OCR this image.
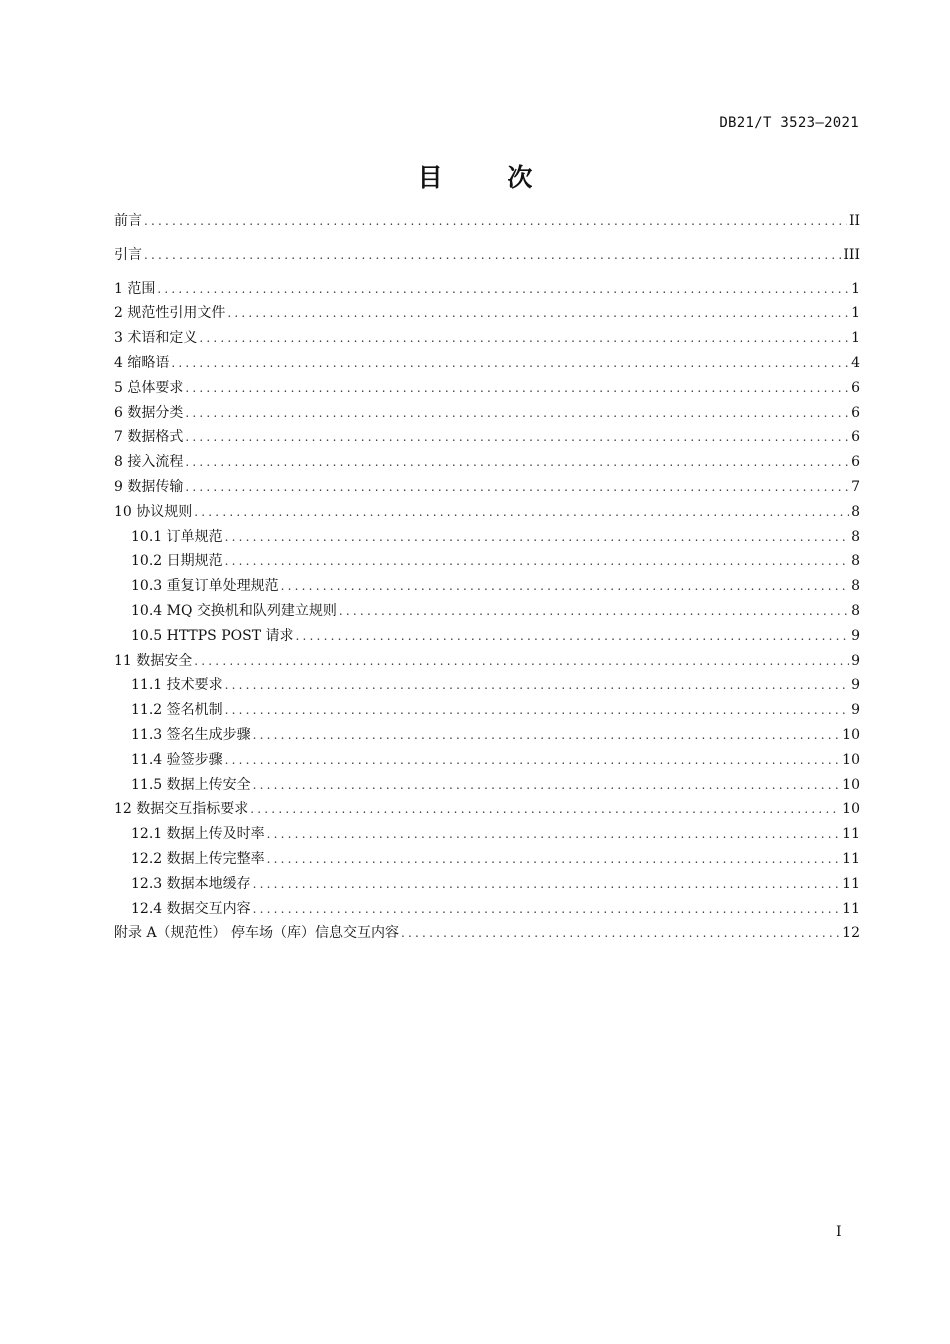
DB21/T 3523—2021
目 次
前言 .....	II
引言 .....	III
1 范围 .....	1
2 规范性引用文件 .....	1
3 术语和定义 .....	1
4 缩略语 .....	4
5 总体要求 .....	6
6 数据分类 .....	6
7 数据格式 .....	6
8 接入流程 .....	6
9 数据传输 .....	7
10 协议规则 .....	8
10.1 订单规范 .....	8
10.2 日期规范 .....	8
10.3 重复订单处理规范 .....	8
10.4 MQ 交换机和队列建立规则 .....	8
10.5 HTTPS POST 请求 .....	9
11 数据安全 .....	9
11.1 技术要求 .....	9
11.2 签名机制 .....	9
11.3 签名生成步骤 .....	10
11.4 验签步骤 .....	10
11.5 数据上传安全 .....	10
12 数据交互指标要求 .....	10
12.1 数据上传及时率 .....	11
12.2 数据上传完整率 .....	11
12.3 数据本地缓存 .....	11
12.4 数据交互内容 .....	11
附录 A（规范性） 停车场（库）信息交互内容 .....	12
I
